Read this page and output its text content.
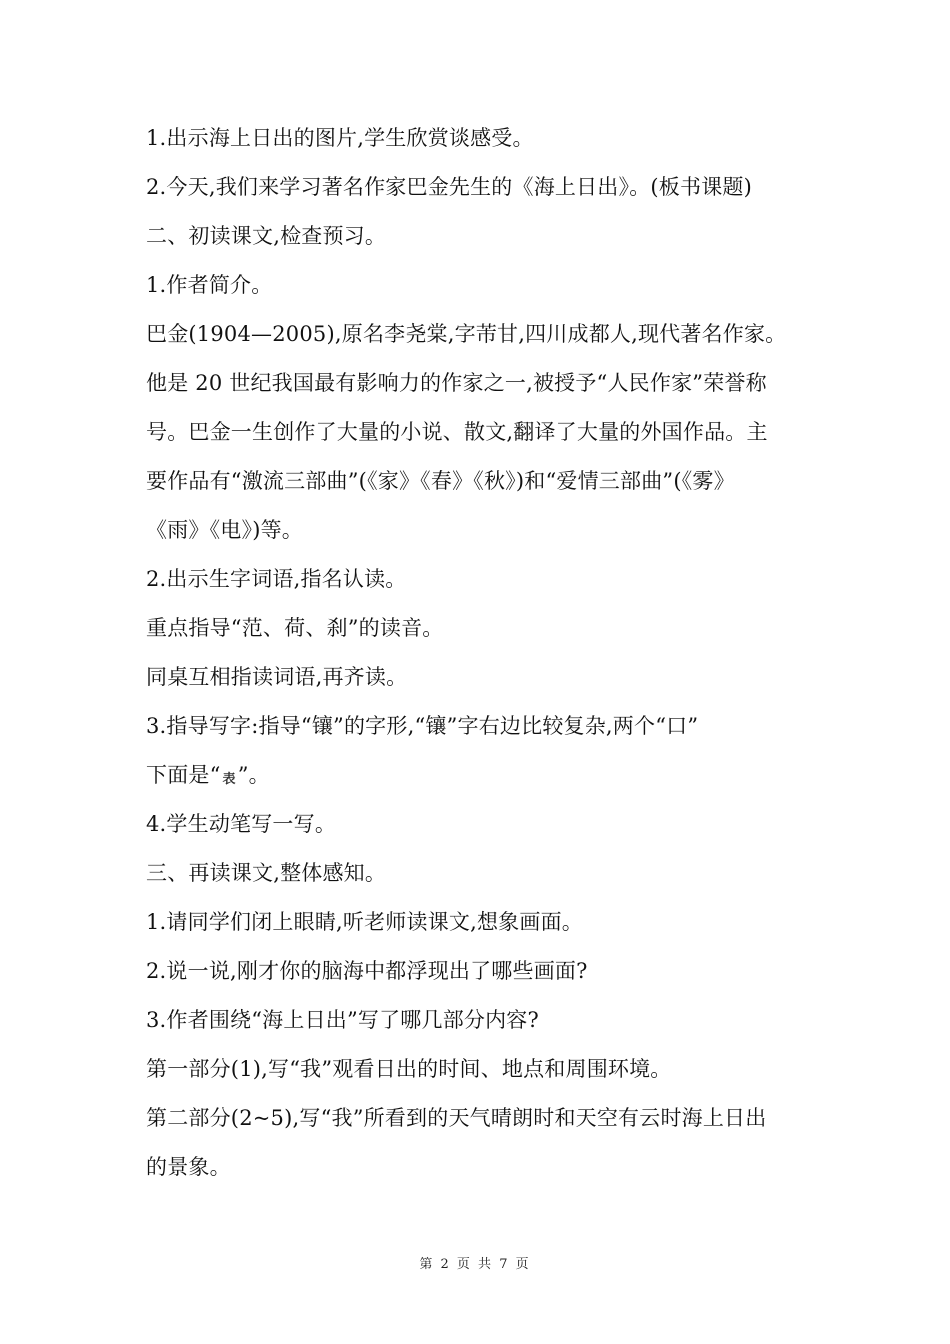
1.出示海上日出的图片,学生欣赏谈感受。
2.今天,我们来学习著名作家巴金先生的《海上日出》。(板书课题)
二、初读课文,检查预习。
1.作者简介。
巴金(1904—2005),原名李尧棠,字芾甘,四川成都人,现代著名作家。
他是 20 世纪我国最有影响力的作家之一,被授予“人民作家”荣誉称
号。巴金一生创作了大量的小说、散文,翻译了大量的外国作品。主
要作品有“激流三部曲”(《家》《春》《秋》)和“爱情三部曲”(《雾》
《雨》《电》)等。
2.出示生字词语,指名认读。
重点指导“范、荷、刹”的读音。
同桌互相指读词语,再齐读。
3.指导写字:指导“镶”的字形,“镶”字右边比较复杂,两个“口”
下面是“ 表”。
4.学生动笔写一写。
三、再读课文,整体感知。
1.请同学们闭上眼睛,听老师读课文,想象画面。
2.说一说,刚才你的脑海中都浮现出了哪些画面?
3.作者围绕“海上日出”写了哪几部分内容?
第一部分(1),写“我”观看日出的时间、地点和周围环境。
第二部分(2~5),写“我”所看到的天气晴朗时和天空有云时海上日出
的景象。
第 2 页 共 7 页
